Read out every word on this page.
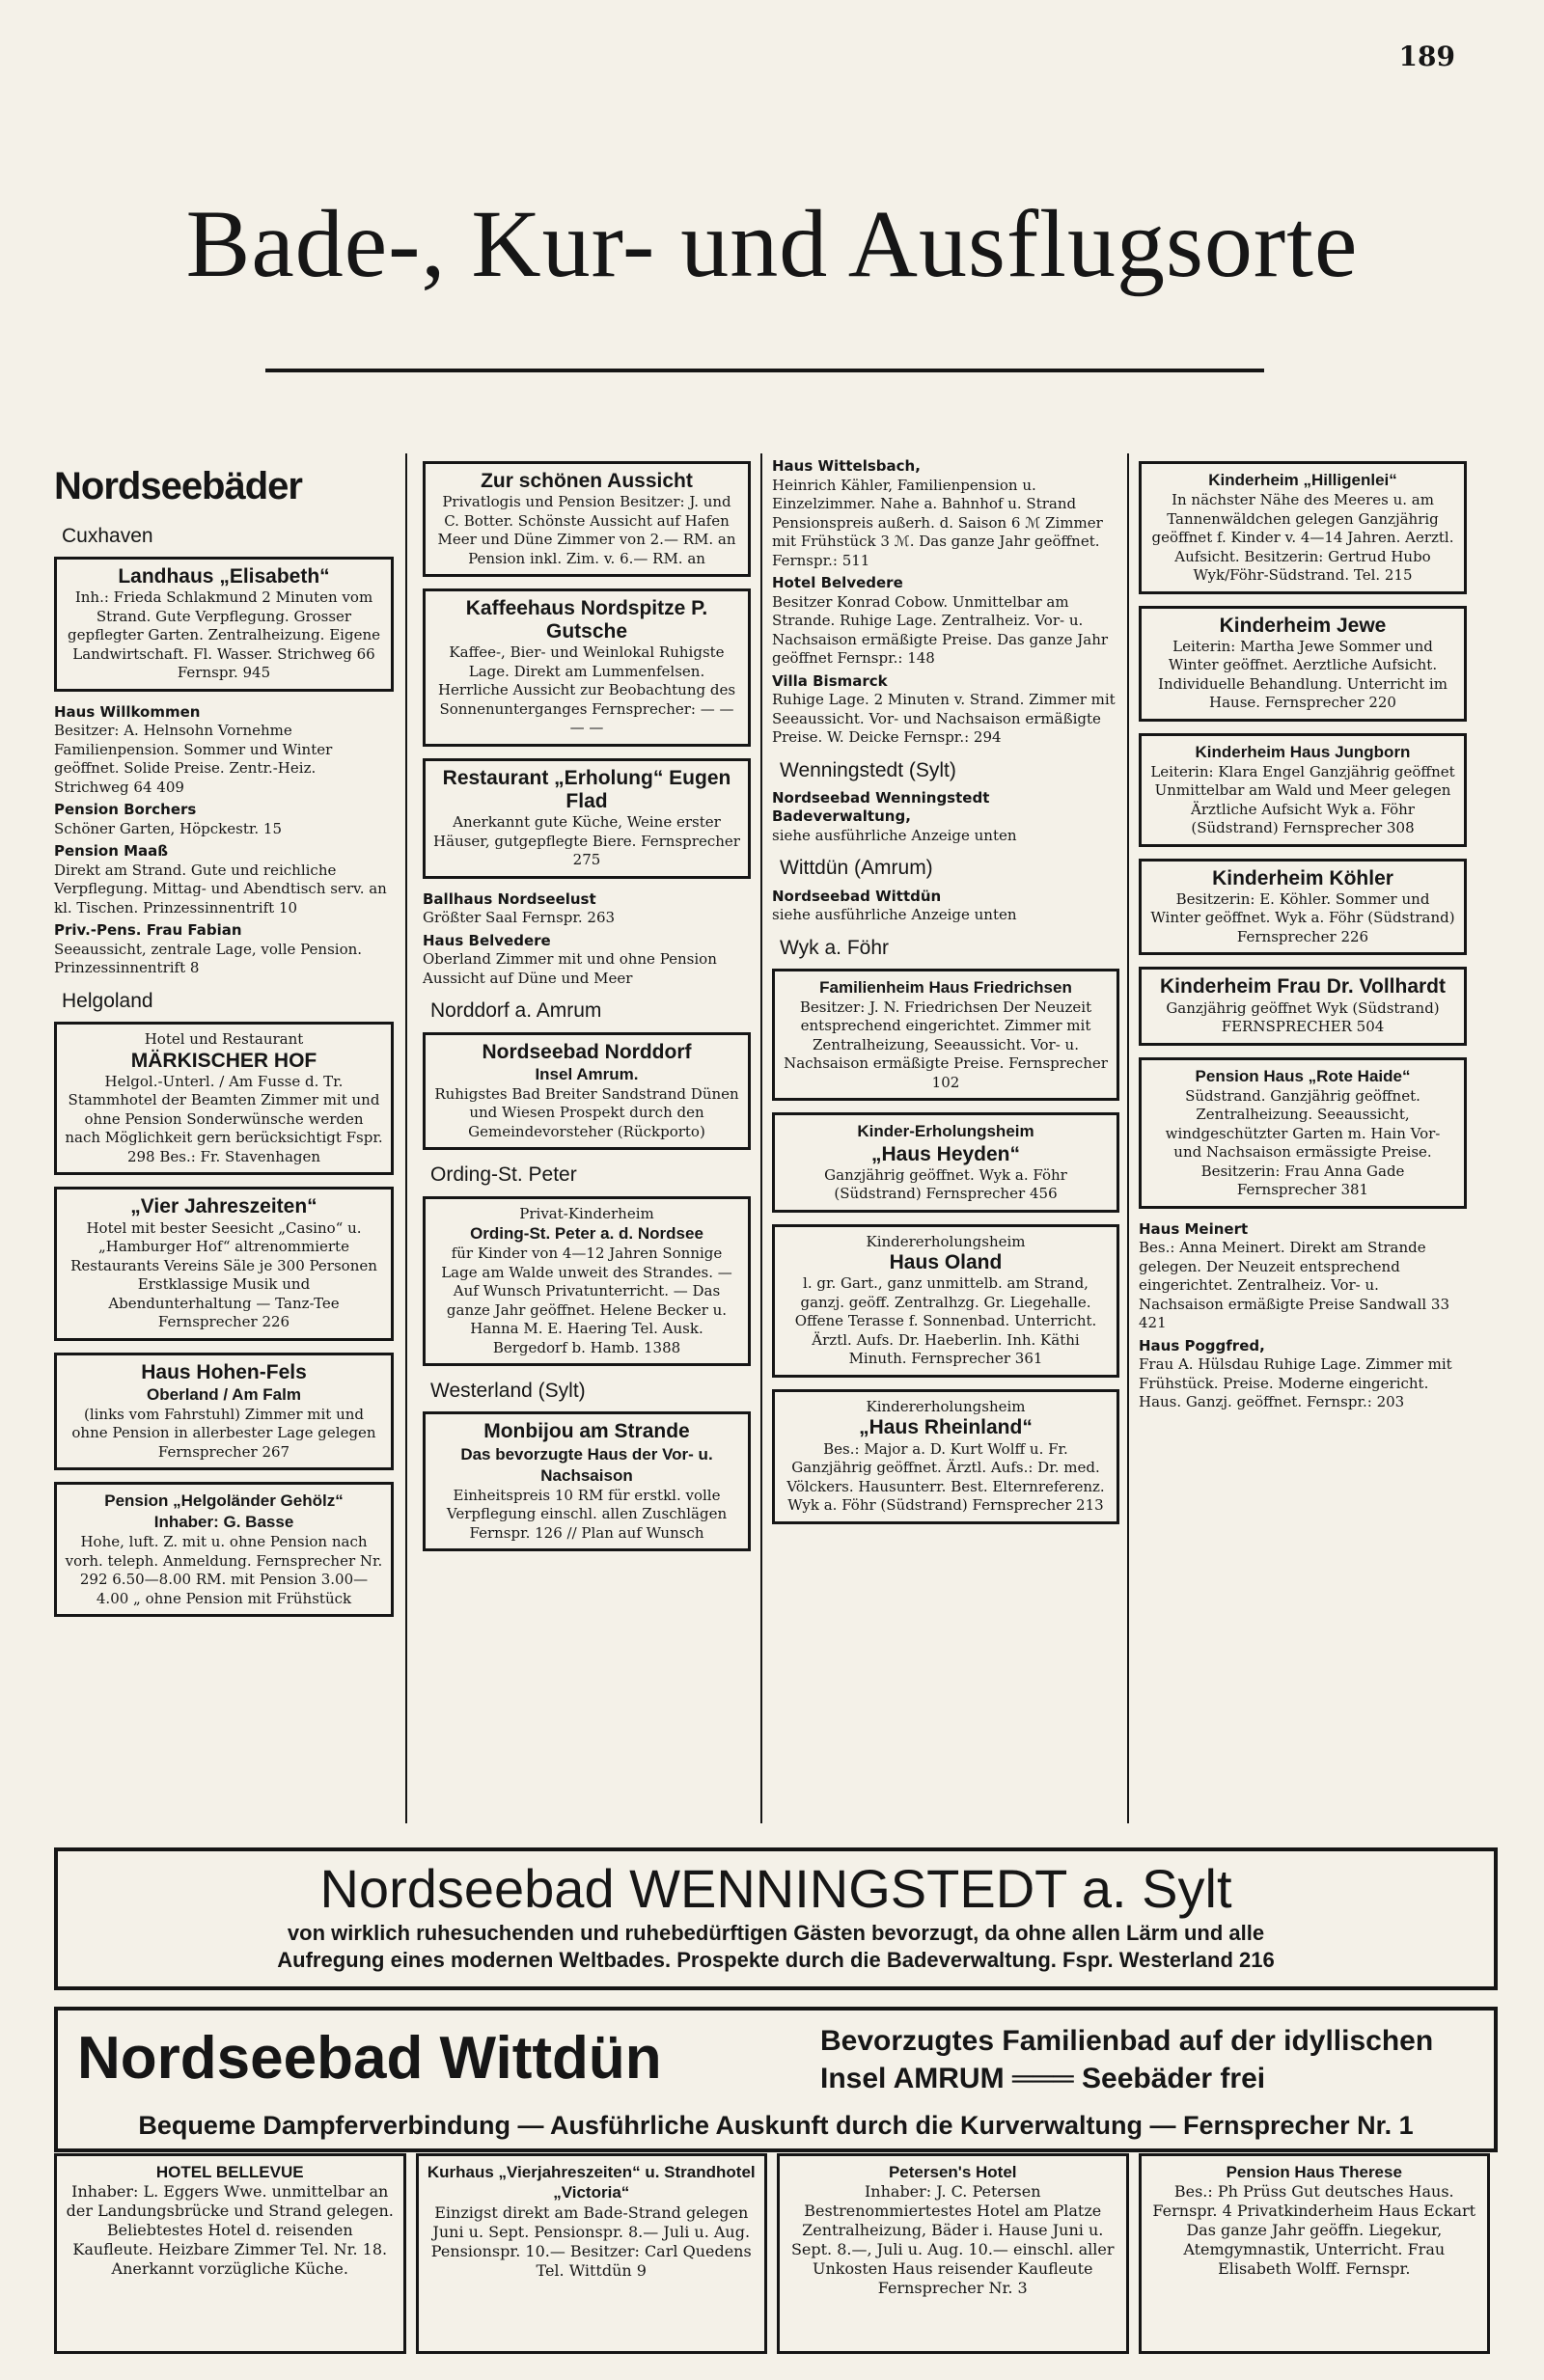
189
Bade-, Kur- und Ausflugsorte
Nordseebäder
Cuxhaven
Landhaus „Elisabeth“
Inh.: Frieda Schlakmund 2 Minuten vom Strand. Gute Verpflegung. Grosser gepflegter Garten. Zentralheizung. Eigene Landwirtschaft. Fl. Wasser. Strichweg 66 Fernspr. 945
Haus Willkommen
Besitzer: A. Helnsohn Vornehme Familienpension. Sommer und Winter geöffnet. Solide Preise. Zentr.-Heiz. Strichweg 64 409
Pension Borchers
Schöner Garten, Höpckestr. 15
Pension Maaß
Direkt am Strand. Gute und reichliche Verpflegung. Mittag- und Abendtisch serv. an kl. Tischen. Prinzessinnentrift 10
Priv.-Pens. Frau Fabian
Seeaussicht, zentrale Lage, volle Pension. Prinzessinnentrift 8
Helgoland
Hotel und Restaurant
MÄRKISCHER HOF
Helgol.-Unterl. / Am Fusse d. Tr. Stammhotel der Beamten Zimmer mit und ohne Pension Sonderwünsche werden nach Möglichkeit gern berücksichtigt Fspr. 298 Bes.: Fr. Stavenhagen
„Vier Jahreszeiten“
Hotel mit bester Seesicht „Casino“ u. „Hamburger Hof“ altrenommierte Restaurants Vereins Säle je 300 Personen Erstklassige Musik und Abendunterhaltung — Tanz-Tee Fernsprecher 226
Haus Hohen-Fels
Oberland / Am Falm
(links vom Fahrstuhl) Zimmer mit und ohne Pension in allerbester Lage gelegen Fernsprecher 267
Pension „Helgoländer Gehölz“
Inhaber: G. Basse
Hohe, luft. Z. mit u. ohne Pension nach vorh. teleph. Anmeldung. Fernsprecher Nr. 292 6.50—8.00 RM. mit Pension 3.00—4.00 „ ohne Pension mit Frühstück
Zur schönen Aussicht
Privatlogis und Pension Besitzer: J. und C. Botter. Schönste Aussicht auf Hafen Meer und Düne Zimmer von 2.— RM. an Pension inkl. Zim. v. 6.— RM. an
Kaffeehaus Nordspitze P. Gutsche
Kaffee-, Bier- und Weinlokal Ruhigste Lage. Direkt am Lummenfelsen. Herrliche Aussicht zur Beobachtung des Sonnenunterganges Fernsprecher: — — — —
Restaurant „Erholung“ Eugen Flad
Anerkannt gute Küche, Weine erster Häuser, gutgepflegte Biere. Fernsprecher 275
Ballhaus Nordseelust
Größter Saal Fernspr. 263
Haus Belvedere
Oberland Zimmer mit und ohne Pension Aussicht auf Düne und Meer
Norddorf a. Amrum
Nordseebad Norddorf
Insel Amrum.
Ruhigstes Bad Breiter Sandstrand Dünen und Wiesen Prospekt durch den Gemeindevorsteher (Rückporto)
Ording-St. Peter
Privat-Kinderheim
Ording-St. Peter a. d. Nordsee
für Kinder von 4—12 Jahren Sonnige Lage am Walde unweit des Strandes. — Auf Wunsch Privatunterricht. — Das ganze Jahr geöffnet. Helene Becker u. Hanna M. E. Haering Tel. Ausk. Bergedorf b. Hamb. 1388
Westerland (Sylt)
Monbijou am Strande
Das bevorzugte Haus der Vor- u. Nachsaison
Einheitspreis 10 RM für erstkl. volle Verpflegung einschl. allen Zuschlägen Fernspr. 126 // Plan auf Wunsch
Haus Wittelsbach,
Heinrich Kähler, Familienpension u. Einzelzimmer. Nahe a. Bahnhof u. Strand Pensionspreis außerh. d. Saison 6 ℳ Zimmer mit Frühstück 3 ℳ. Das ganze Jahr geöffnet. Fernspr.: 511
Hotel Belvedere
Besitzer Konrad Cobow. Unmittelbar am Strande. Ruhige Lage. Zentralheiz. Vor- u. Nachsaison ermäßigte Preise. Das ganze Jahr geöffnet Fernspr.: 148
Villa Bismarck
Ruhige Lage. 2 Minuten v. Strand. Zimmer mit Seeaussicht. Vor- und Nachsaison ermäßigte Preise. W. Deicke Fernspr.: 294
Wenningstedt (Sylt)
Nordseebad Wenningstedt Badeverwaltung,
siehe ausführliche Anzeige unten
Wittdün (Amrum)
Nordseebad Wittdün
siehe ausführliche Anzeige unten
Wyk a. Föhr
Familienheim Haus Friedrichsen
Besitzer: J. N. Friedrichsen Der Neuzeit entsprechend eingerichtet. Zimmer mit Zentralheizung, Seeaussicht. Vor- u. Nachsaison ermäßigte Preise. Fernsprecher 102
Kinder-Erholungsheim
„Haus Heyden“
Ganzjährig geöffnet. Wyk a. Föhr (Südstrand) Fernsprecher 456
Kindererholungsheim
Haus Oland
l. gr. Gart., ganz unmittelb. am Strand, ganzj. geöff. Zentralhzg. Gr. Liegehalle. Offene Terasse f. Sonnenbad. Unterricht. Ärztl. Aufs. Dr. Haeberlin. Inh. Käthi Minuth. Fernsprecher 361
Kindererholungsheim
„Haus Rheinland“
Bes.: Major a. D. Kurt Wolff u. Fr. Ganzjährig geöffnet. Ärztl. Aufs.: Dr. med. Völckers. Hausunterr. Best. Elternreferenz. Wyk a. Föhr (Südstrand) Fernsprecher 213
Kinderheim „Hilligenlei“
In nächster Nähe des Meeres u. am Tannenwäldchen gelegen Ganzjährig geöffnet f. Kinder v. 4—14 Jahren. Aerztl. Aufsicht. Besitzerin: Gertrud Hubo Wyk/Föhr-Südstrand. Tel. 215
Kinderheim Jewe
Leiterin: Martha Jewe Sommer und Winter geöffnet. Aerztliche Aufsicht. Individuelle Behandlung. Unterricht im Hause. Fernsprecher 220
Kinderheim Haus Jungborn
Leiterin: Klara Engel Ganzjährig geöffnet Unmittelbar am Wald und Meer gelegen Ärztliche Aufsicht Wyk a. Föhr (Südstrand) Fernsprecher 308
Kinderheim Köhler
Besitzerin: E. Köhler. Sommer und Winter geöffnet. Wyk a. Föhr (Südstrand) Fernsprecher 226
Kinderheim Frau Dr. Vollhardt
Ganzjährig geöffnet Wyk (Südstrand) FERNSPRECHER 504
Pension Haus „Rote Haide“
Südstrand. Ganzjährig geöffnet. Zentralheizung. Seeaussicht, windgeschützter Garten m. Hain Vor- und Nachsaison ermässigte Preise. Besitzerin: Frau Anna Gade Fernsprecher 381
Haus Meinert
Bes.: Anna Meinert. Direkt am Strande gelegen. Der Neuzeit entsprechend eingerichtet. Zentralheiz. Vor- u. Nachsaison ermäßigte Preise Sandwall 33 421
Haus Poggfred,
Frau A. Hülsdau Ruhige Lage. Zimmer mit Frühstück. Preise. Moderne eingericht. Haus. Ganzj. geöffnet. Fernspr.: 203
Nordseebad WENNINGSTEDT a. Sylt
von wirklich ruhesuchenden und ruhebedürftigen Gästen bevorzugt, da ohne allen Lärm und alle
Aufregung eines modernen Weltbades. Prospekte durch die Badeverwaltung. Fspr. Westerland 216
Nordseebad Wittdün	Bevorzugtes Familienbad auf der idyllischen
Insel AMRUM ═══ Seebäder frei
Bequeme Dampferverbindung — Ausführliche Auskunft durch die Kurverwaltung — Fernsprecher Nr. 1
HOTEL BELLEVUE
Inhaber: L. Eggers Wwe. unmittelbar an der Landungsbrücke und Strand gelegen. Beliebtestes Hotel d. reisenden Kaufleute. Heizbare Zimmer Tel. Nr. 18. Anerkannt vorzügliche Küche.
Kurhaus „Vierjahreszeiten“ u. Strandhotel „Victoria“
Einzigst direkt am Bade-Strand gelegen Juni u. Sept. Pensionspr. 8.— Juli u. Aug. Pensionspr. 10.— Besitzer: Carl Quedens Tel. Wittdün 9
Petersen's Hotel
Inhaber: J. C. Petersen Bestrenommiertestes Hotel am Platze Zentralheizung, Bäder i. Hause Juni u. Sept. 8.—, Juli u. Aug. 10.— einschl. aller Unkosten Haus reisender Kaufleute Fernsprecher Nr. 3
Pension Haus Therese
Bes.: Ph Prüss Gut deutsches Haus. Fernspr. 4 Privatkinderheim Haus Eckart Das ganze Jahr geöffn. Liegekur, Atemgymnastik, Unterricht. Frau Elisabeth Wolff. Fernspr.
